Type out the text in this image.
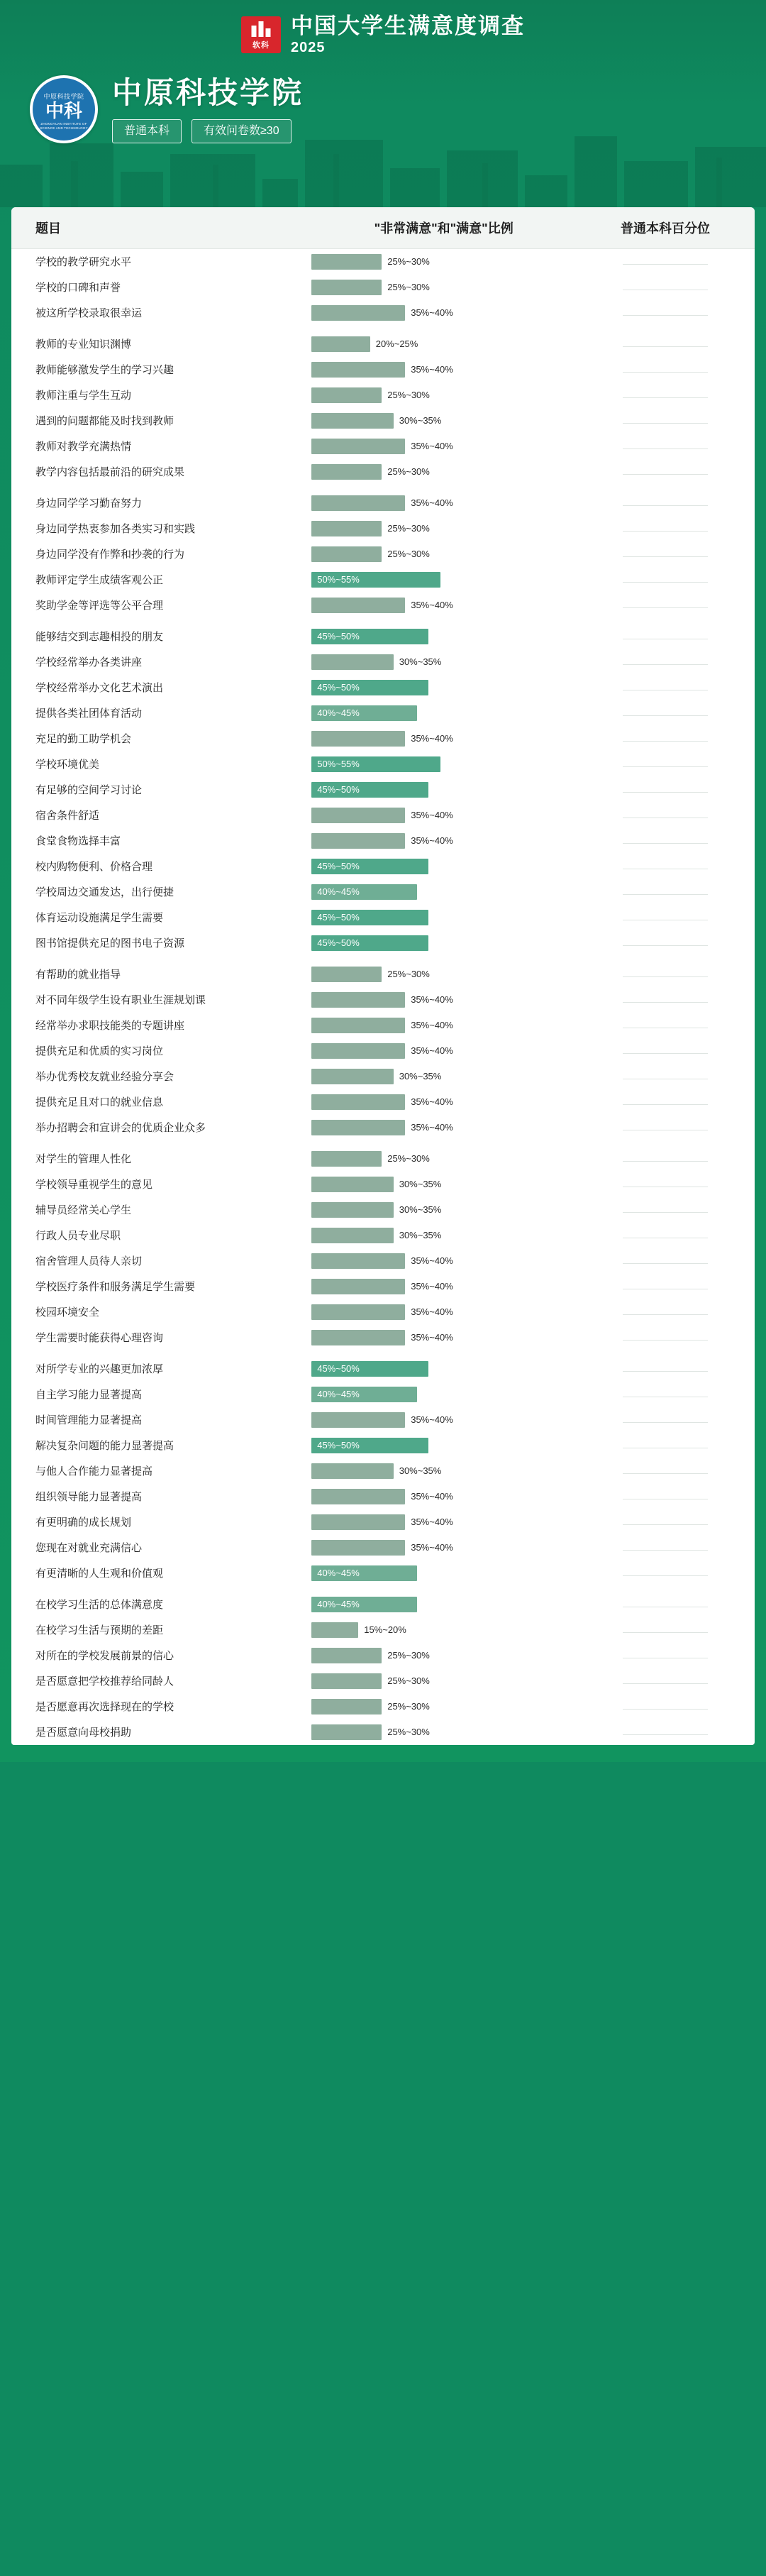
软科
中国大学生满意度调查
2025
中原科技学院
中科
ZHONGYUAN INSTITUTE OF SCIENCE AND TECHNOLOGY
中原科技学院
普通本科	有效问卷数≥30
题目	"非常满意"和"满意"比例	普通本科百分位
学校的教学研究水平	25%~30%	

学校的口碑和声誉	25%~30%	

被这所学校录取很幸运	35%~40%	

教师的专业知识渊博	20%~25%	

教师能够激发学生的学习兴趣	35%~40%	

教师注重与学生互动	25%~30%	

遇到的问题都能及时找到教师	30%~35%	

教师对教学充满热情	35%~40%	

教学内容包括最前沿的研究成果	25%~30%	

身边同学学习勤奋努力	35%~40%	

身边同学热衷参加各类实习和实践	25%~30%	

身边同学没有作弊和抄袭的行为	25%~30%	

教师评定学生成绩客观公正	50%~55%	

奖助学金等评选等公平合理	35%~40%	

能够结交到志趣相投的朋友	45%~50%	

学校经常举办各类讲座	30%~35%	

学校经常举办文化艺术演出	45%~50%	

提供各类社团体育活动	40%~45%	

充足的勤工助学机会	35%~40%	

学校环境优美	50%~55%	

有足够的空间学习讨论	45%~50%	

宿舍条件舒适	35%~40%	

食堂食物选择丰富	35%~40%	

校内购物便利、价格合理	45%~50%	

学校周边交通发达，出行便捷	40%~45%	

体育运动设施满足学生需要	45%~50%	

图书馆提供充足的图书电子资源	45%~50%	

有帮助的就业指导	25%~30%	

对不同年级学生设有职业生涯规划课	35%~40%	

经常举办求职技能类的专题讲座	35%~40%	

提供充足和优质的实习岗位	35%~40%	

举办优秀校友就业经验分享会	30%~35%	

提供充足且对口的就业信息	35%~40%	

举办招聘会和宣讲会的优质企业众多	35%~40%	

对学生的管理人性化	25%~30%	

学校领导重视学生的意见	30%~35%	

辅导员经常关心学生	30%~35%	

行政人员专业尽职	30%~35%	

宿舍管理人员待人亲切	35%~40%	

学校医疗条件和服务满足学生需要	35%~40%	

校园环境安全	35%~40%	

学生需要时能获得心理咨询	35%~40%	

对所学专业的兴趣更加浓厚	45%~50%	

自主学习能力显著提高	40%~45%	

时间管理能力显著提高	35%~40%	

解决复杂问题的能力显著提高	45%~50%	

与他人合作能力显著提高	30%~35%	

组织领导能力显著提高	35%~40%	

有更明确的成长规划	35%~40%	

您现在对就业充满信心	35%~40%	

有更清晰的人生观和价值观	40%~45%	

在校学习生活的总体满意度	40%~45%	

在校学习生活与预期的差距	15%~20%	

对所在的学校发展前景的信心	25%~30%	

是否愿意把学校推荐给同龄人	25%~30%	

是否愿意再次选择现在的学校	25%~30%	

是否愿意向母校捐助	25%~30%	
